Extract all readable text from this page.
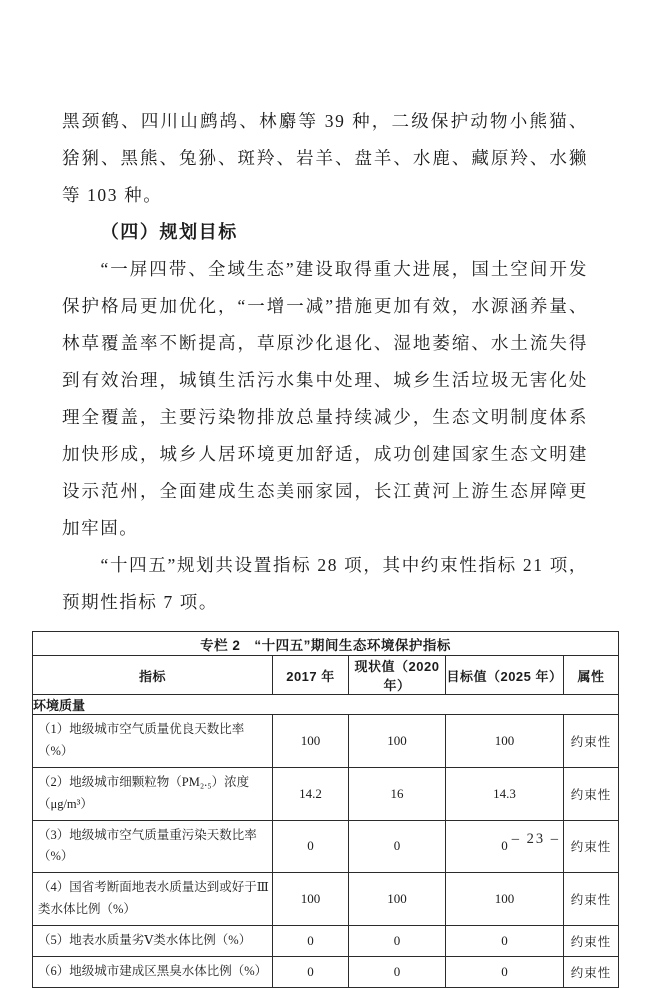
黑颈鹤、四川山鹧鸪、林麝等 39 种，二级保护动物小熊猫、猞猁、黑熊、兔狲、斑羚、岩羊、盘羊、水鹿、藏原羚、水獭等 103 种。

（四）规划目标

“一屏四带、全域生态”建设取得重大进展，国土空间开发保护格局更加优化，“一增一减”措施更加有效，水源涵养量、林草覆盖率不断提高，草原沙化退化、湿地萎缩、水土流失得到有效治理，城镇生活污水集中处理、城乡生活垃圾无害化处理全覆盖，主要污染物排放总量持续减少，生态文明制度体系加快形成，城乡人居环境更加舒适，成功创建国家生态文明建设示范州，全面建成生态美丽家园，长江黄河上游生态屏障更加牢固。

“十四五”规划共设置指标 28 项，其中约束性指标 21 项，预期性指标 7 项。

专栏 2　“十四五”期间生态环境保护指标				
指标	2017 年	现状值（2020 年）	目标值（2025 年）	属性
环境质量				
（1）地级城市空气质量优良天数比率（%）	100	100	100	约束性
（2）地级城市细颗粒物（PM₂.₅）浓度（μg/m³）	14.2	16	14.3	约束性
（3）地级城市空气质量重污染天数比率（%）	0	0	0	约束性
（4）国省考断面地表水质量达到或好于Ⅲ类水体比例（%）	100	100	100	约束性
（5）地表水质量劣Ⅴ类水体比例（%）	0	0	0	约束性
（6）地级城市建成区黑臭水体比例（%）	0	0	0	约束性
– 23 –
